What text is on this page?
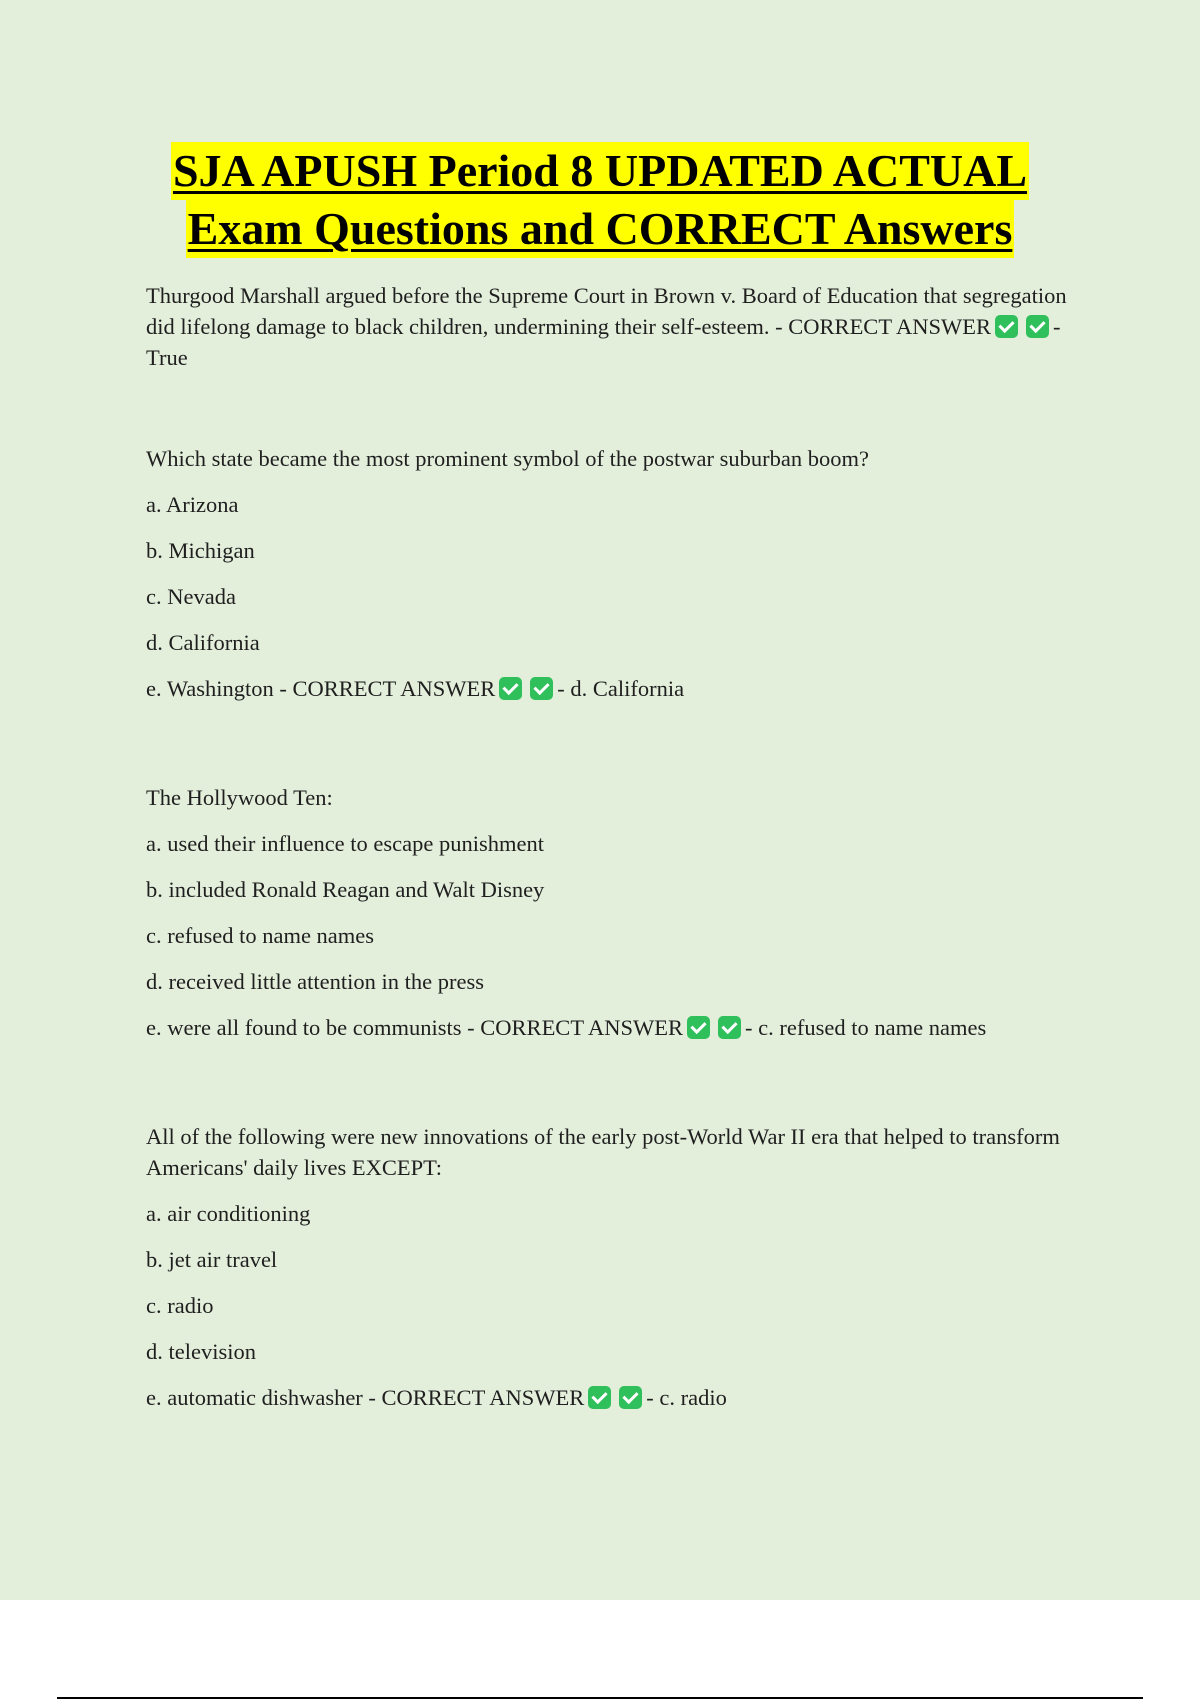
SJA APUSH Period 8 UPDATED ACTUAL
Exam Questions and CORRECT Answers

Thurgood Marshall argued before the Supreme Court in Brown v. Board of Education that segregation did lifelong damage to black children, undermining their self-esteem. - CORRECT ANSWER	- True

Which state became the most prominent symbol of the postwar suburban boom?

a. Arizona

b. Michigan

c. Nevada

d. California

e. Washington - CORRECT ANSWER	- d. California

The Hollywood Ten:

a. used their influence to escape punishment

b. included Ronald Reagan and Walt Disney

c. refused to name names

d. received little attention in the press

e. were all found to be communists - CORRECT ANSWER	- c. refused to name names

All of the following were new innovations of the early post-World War II era that helped to transform Americans' daily lives EXCEPT:

a. air conditioning

b. jet air travel

c. radio

d. television

e. automatic dishwasher - CORRECT ANSWER	- c. radio
